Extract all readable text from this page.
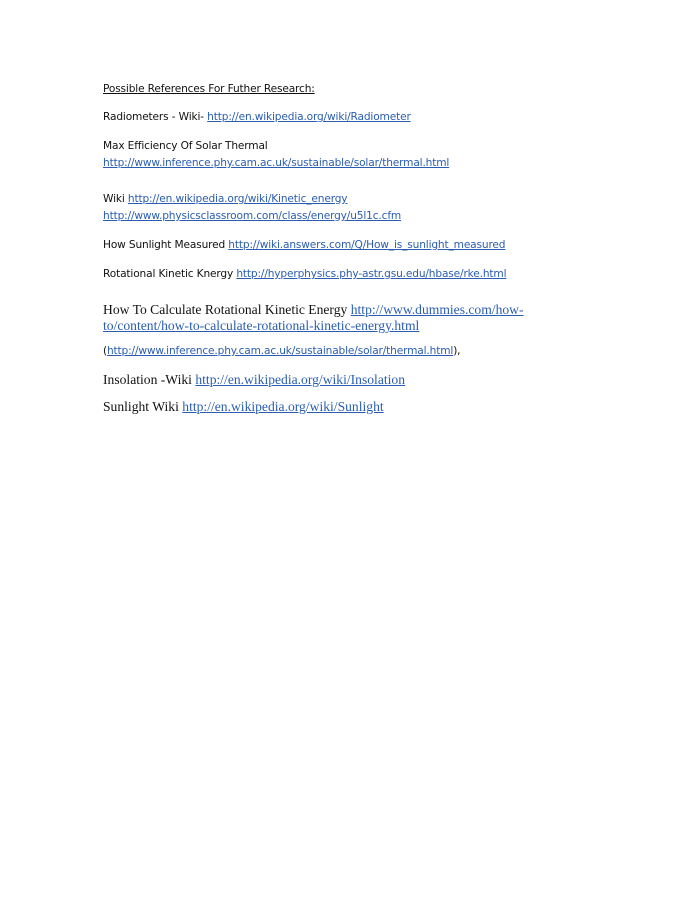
Possible References For Futher Research:
Radiometers - Wiki- http://en.wikipedia.org/wiki/Radiometer
Max Efficiency Of Solar Thermal
http://www.inference.phy.cam.ac.uk/sustainable/solar/thermal.html
Wiki http://en.wikipedia.org/wiki/Kinetic_energy
http://www.physicsclassroom.com/class/energy/u5l1c.cfm
How Sunlight Measured http://wiki.answers.com/Q/How_is_sunlight_measured
Rotational Kinetic Knergy http://hyperphysics.phy-astr.gsu.edu/hbase/rke.html
How To Calculate Rotational Kinetic Energy http://www.dummies.com/how-
to/content/how-to-calculate-rotational-kinetic-energy.html
(http://www.inference.phy.cam.ac.uk/sustainable/solar/thermal.html),
Insolation -Wiki http://en.wikipedia.org/wiki/Insolation
Sunlight Wiki http://en.wikipedia.org/wiki/Sunlight
